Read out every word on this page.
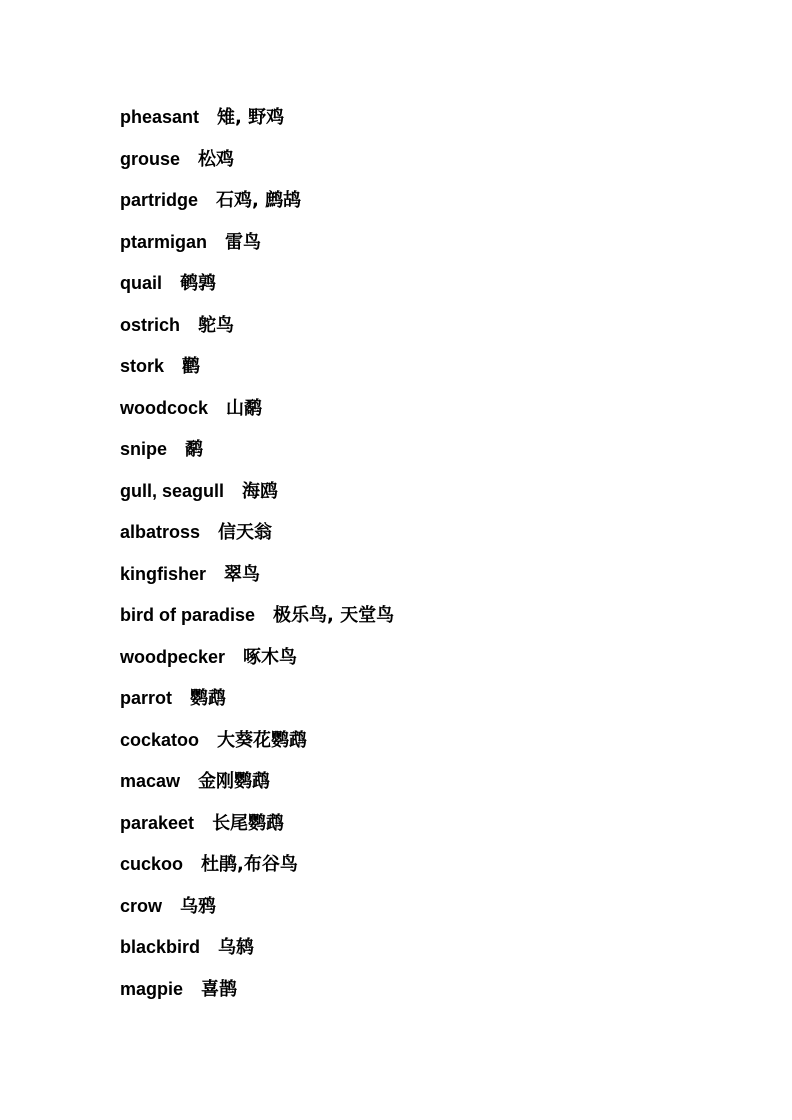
pheasant 雉, 野鸡
grouse 松鸡
partridge 石鸡, 鹧鸪
ptarmigan 雷鸟
quail 鹌鹑
ostrich 鸵鸟
stork 鹳
woodcock 山鹬
snipe 鹬
gull, seagull 海鸥
albatross 信天翁
kingfisher 翠鸟
bird of paradise 极乐鸟, 天堂鸟
woodpecker 啄木鸟
parrot 鹦鹉
cockatoo 大葵花鹦鹉
macaw 金刚鹦鹉
parakeet 长尾鹦鹉
cuckoo 杜鹃,布谷鸟
crow 乌鸦
blackbird 乌鸫
magpie 喜鹊
